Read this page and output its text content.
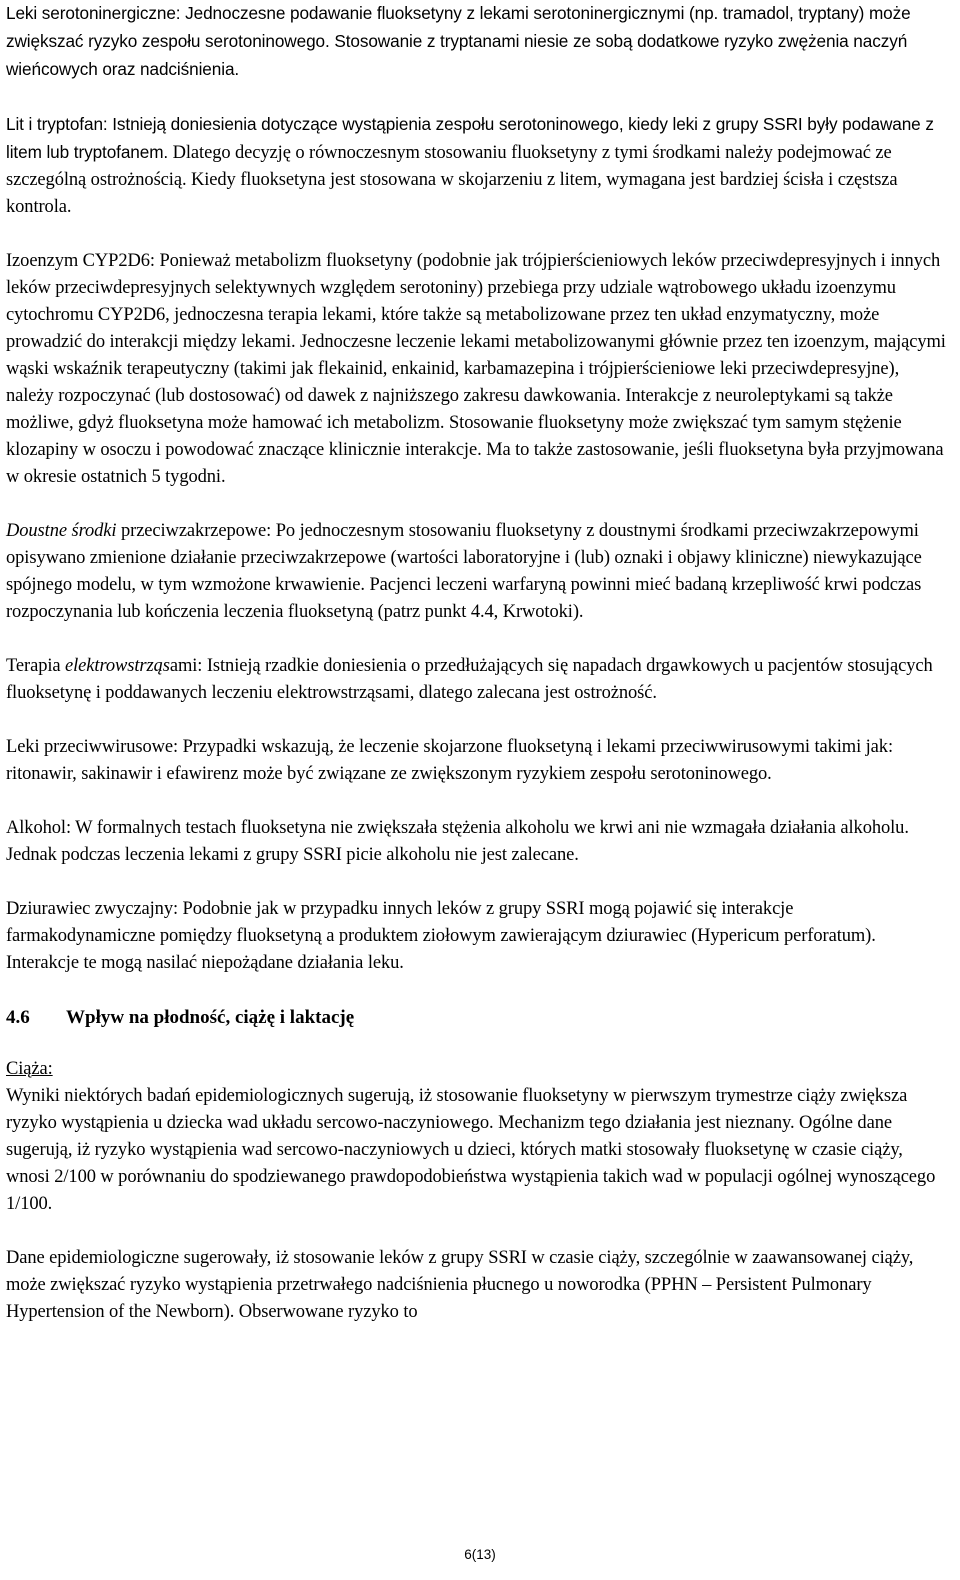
Leki serotoninergiczne: Jednoczesne podawanie fluoksetyny z lekami serotoninergicznymi (np. tramadol, tryptany) może zwiększać ryzyko zespołu serotoninowego. Stosowanie z tryptanami niesie ze sobą dodatkowe ryzyko zwężenia naczyń wieńcowych oraz nadciśnienia.

Lit i tryptofan: Istnieją doniesienia dotyczące wystąpienia zespołu serotoninowego, kiedy leki z grupy SSRI były podawane z litem lub tryptofanem. Dlatego decyzję o równoczesnym stosowaniu fluoksetyny z tymi środkami należy podejmować ze szczególną ostrożnością. Kiedy fluoksetyna jest stosowana w skojarzeniu z litem, wymagana jest bardziej ścisła i częstsza kontrola.

Izoenzym CYP2D6: Ponieważ metabolizm fluoksetyny (podobnie jak trójpierścieniowych leków przeciwdepresyjnych i innych leków przeciwdepresyjnych selektywnych względem serotoniny) przebiega przy udziale wątrobowego układu izoenzymu cytochromu CYP2D6, jednoczesna terapia lekami, które także są metabolizowane przez ten układ enzymatyczny, może prowadzić do interakcji między lekami. Jednoczesne leczenie lekami metabolizowanymi głównie przez ten izoenzym, mającymi wąski wskaźnik terapeutyczny (takimi jak flekainid, enkainid, karbamazepina i trójpierścieniowe leki przeciwdepresyjne), należy rozpoczynać (lub dostosować) od dawek z najniższego zakresu dawkowania. Interakcje z neuroleptykami są także możliwe, gdyż fluoksetyna może hamować ich metabolizm. Stosowanie fluoksetyny może zwiększać tym samym stężenie klozapiny w osoczu i powodować znaczące klinicznie interakcje. Ma to także zastosowanie, jeśli fluoksetyna była przyjmowana w okresie ostatnich 5 tygodni.

Doustne środki przeciwzakrzepowe: Po jednoczesnym stosowaniu fluoksetyny z doustnymi środkami przeciwzakrzepowymi opisywano zmienione działanie przeciwzakrzepowe (wartości laboratoryjne i (lub) oznaki i objawy kliniczne) niewykazujące spójnego modelu, w tym wzmożone krwawienie. Pacjenci leczeni warfaryną powinni mieć badaną krzepliwość krwi podczas rozpoczynania lub kończenia leczenia fluoksetyną (patrz punkt 4.4, Krwotoki).

Terapia elektrowstrząsami: Istnieją rzadkie doniesienia o przedłużających się napadach drgawkowych u pacjentów stosujących fluoksetynę i poddawanych leczeniu elektrowstrząsami, dlatego zalecana jest ostrożność.

Leki przeciwwirusowe: Przypadki wskazują, że leczenie skojarzone fluoksetyną i lekami przeciwwirusowymi takimi jak: ritonawir, sakinawir i efawirenz może być związane ze zwiększonym ryzykiem zespołu serotoninowego.

Alkohol: W formalnych testach fluoksetyna nie zwiększała stężenia alkoholu we krwi ani nie wzmagała działania alkoholu. Jednak podczas leczenia lekami z grupy SSRI picie alkoholu nie jest zalecane.

Dziurawiec zwyczajny: Podobnie jak w przypadku innych leków z grupy SSRI mogą pojawić się interakcje farmakodynamiczne pomiędzy fluoksetyną a produktem ziołowym zawierającym dziurawiec (Hypericum perforatum). Interakcje te mogą nasilać niepożądane działania leku.

4.6 Wpływ na płodność, ciążę i laktację

Ciąża:

Wyniki niektórych badań epidemiologicznych sugerują, iż stosowanie fluoksetyny w pierwszym trymestrze ciąży zwiększa ryzyko wystąpienia u dziecka wad układu sercowo-naczyniowego. Mechanizm tego działania jest nieznany. Ogólne dane sugerują, iż ryzyko wystąpienia wad sercowo-naczyniowych u dzieci, których matki stosowały fluoksetynę w czasie ciąży, wnosi 2/100 w porównaniu do spodziewanego prawdopodobieństwa wystąpienia takich wad w populacji ogólnej wynoszącego 1/100.

Dane epidemiologiczne sugerowały, iż stosowanie leków z grupy SSRI w czasie ciąży, szczególnie w zaawansowanej ciąży, może zwiększać ryzyko wystąpienia przetrwałego nadciśnienia płucnego u noworodka (PPHN – Persistent Pulmonary Hypertension of the Newborn). Obserwowane ryzyko to

6(13)
